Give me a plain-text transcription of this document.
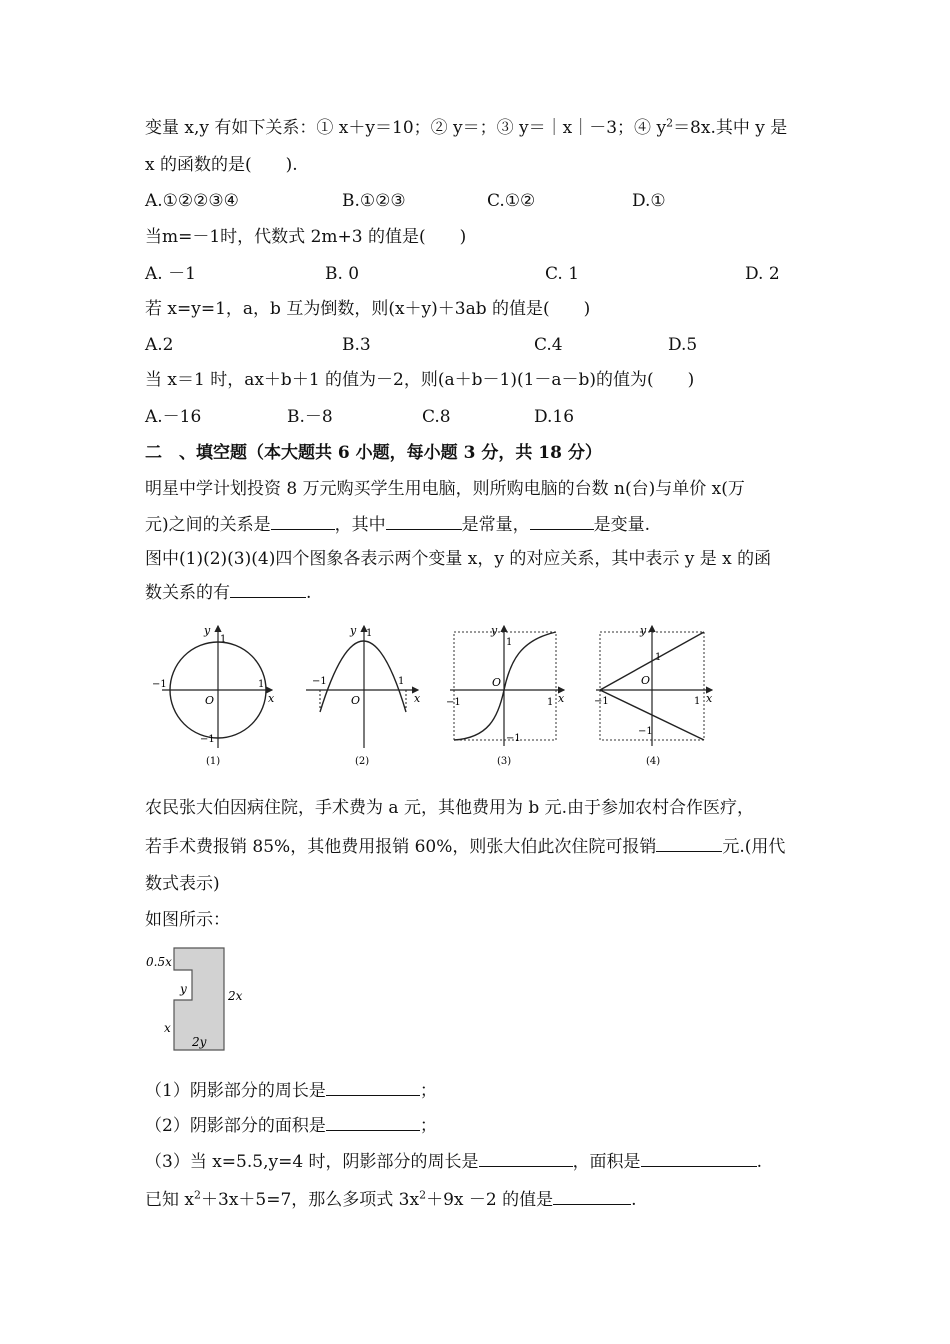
变量 x,y 有如下关系：① x＋y＝10；② y＝；③ y＝｜x｜－3；④ $y^2=8x$.其中 y 是
x 的函数的是(　　).
A.①②②③④	B.①②③	C.①②	D.①
当m=－1时，代数式 2m+3 的值是(　　)
A. －1	B. 0	C. 1	D. 2
若 x=y=1，a，b 互为倒数，则(x＋y)＋3ab 的值是(　　)
A.2	B.3	C.4	D.5
当 x＝1 时，ax＋b＋1 的值为－2，则(a＋b－1)(1－a－b)的值为(　　)
A.－16	B.－8	C.8	D.16
二　、填空题（本大题共 6 小题，每小题 3 分，共 18 分）
明星中学计划投资 8 万元购买学生用电脑，则所购电脑的台数 n(台)与单价 x(万
元)之间的关系是	，其中	是常量，	是变量.
图中(1)(2)(3)(4)四个图象各表示两个变量 x，y 的对应关系，其中表示 y 是 x 的函
数关系的有	.
y
1
x
O
−1	1
−1
(1)
y 1
x
O
−1	1
(2)
y
1
x
O
−1	1
−1
(3)
y
1
x
O
−1	1
−1
(4)
农民张大伯因病住院，手术费为 a 元，其他费用为 b 元.由于参加农村合作医疗，
若手术费报销 85%，其他费用报销 60%，则张大伯此次住院可报销	元.(用代
数式表示)
如图所示：
0.5x
y	2x
x
2y
（1）阴影部分的周长是	；
（2）阴影部分的面积是	；
（3）当 x=5.5,y=4 时，阴影部分的周长是	，面积是	.
已知 $x^2+3x+5=7$，那么多项式 $3x^2+9x -2$ 的值是	.
